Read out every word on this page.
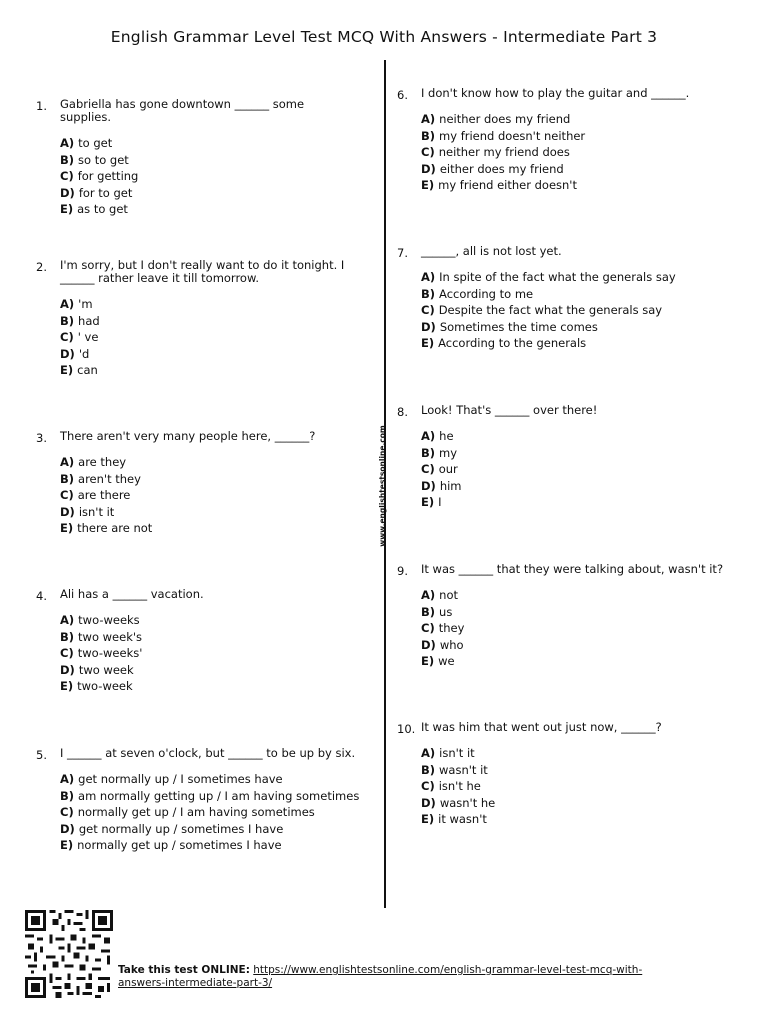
English Grammar Level Test MCQ With Answers - Intermediate Part 3
www.englishtestsonline.com
1. Gabriella has gone downtown ______ some supplies.
A) to get
B) so to get
C) for getting
D) for to get
E) as to get
2. I'm sorry, but I don't really want to do it tonight. I ______ rather leave it till tomorrow.
A) 'm
B) had
C) ' ve
D) 'd
E) can
3. There aren't very many people here, ______?
A) are they
B) aren't they
C) are there
D) isn't it
E) there are not
4. Ali has a ______ vacation.
A) two-weeks
B) two week's
C) two-weeks'
D) two week
E) two-week
5. I ______ at seven o'clock, but ______ to be up by six.
A) get normally up / I sometimes have
B) am normally getting up / I am having sometimes
C) normally get up / I am having sometimes
D) get normally up / sometimes I have
E) normally get up / sometimes I have
6. I don't know how to play the guitar and ______.
A) neither does my friend
B) my friend doesn't neither
C) neither my friend does
D) either does my friend
E) my friend either doesn't
7. ______, all is not lost yet.
A) In spite of the fact what the generals say
B) According to me
C) Despite the fact what the generals say
D) Sometimes the time comes
E) According to the generals
8. Look! That's ______ over there!
A) he
B) my
C) our
D) him
E) I
9. It was ______ that they were talking about, wasn't it?
A) not
B) us
C) they
D) who
E) we
10. It was him that went out just now, ______?
A) isn't it
B) wasn't it
C) isn't he
D) wasn't he
E) it wasn't
Take this test ONLINE: https://www.englishtestsonline.com/english-grammar-level-test-mcq-with-answers-intermediate-part-3/
